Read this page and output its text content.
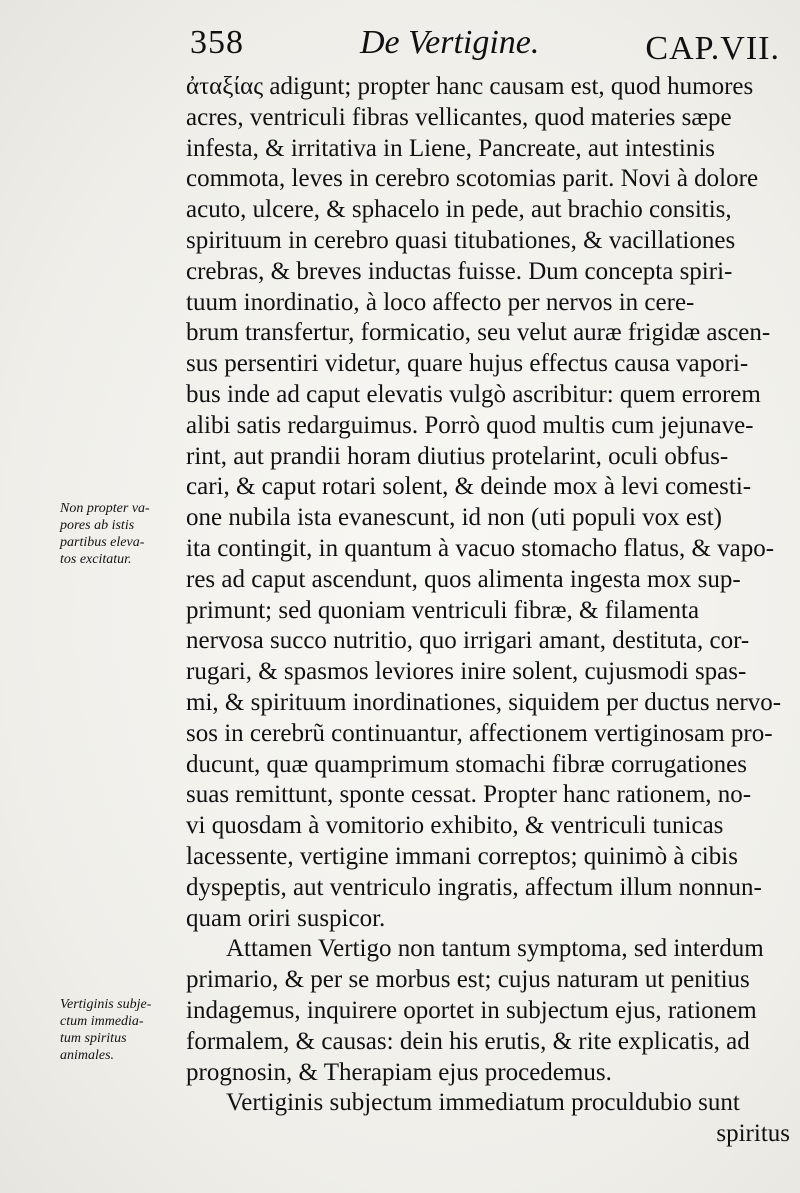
358	De Vertigine.	CAP.VII.
ἀταξίας adigunt; propter hanc causam est, quod humores
acres, ventriculi fibras vellicantes, quod materies sæpe
infesta, & irritativa in Liene, Pancreate, aut intestinis
commota, leves in cerebro scotomias parit. Novi à dolore
acuto, ulcere, & sphacelo in pede, aut brachio consitis,
spirituum in cerebro quasi titubationes, & vacillationes
crebras, & breves inductas fuisse. Dum concepta spiri-
tuum inordinatio, à loco affecto per nervos in cere-
brum transfertur, formicatio, seu velut auræ frigidæ ascen-
sus persentiri videtur, quare hujus effectus causa vapori-
bus inde ad caput elevatis vulgò ascribitur: quem errorem
alibi satis redarguimus. Porrò quod multis cum jejunave-
rint, aut prandii horam diutius protelarint, oculi obfus-
cari, & caput rotari solent, & deinde mox à levi comesti-
one nubila ista evanescunt, id non (uti populi vox est)
ita contingit, in quantum à vacuo stomacho flatus, & vapo-
res ad caput ascendunt, quos alimenta ingesta mox sup-
primunt; sed quoniam ventriculi fibræ, & filamenta
nervosa succo nutritio, quo irrigari amant, destituta, cor-
rugari, & spasmos leviores inire solent, cujusmodi spas-
mi, & spirituum inordinationes, siquidem per ductus nervo-
sos in cerebrũ continuantur, affectionem vertiginosam pro-
ducunt, quæ quamprimum stomachi fibræ corrugationes
suas remittunt, sponte cessat. Propter hanc rationem, no-
vi quosdam à vomitorio exhibito, & ventriculi tunicas
lacessente, vertigine immani correptos; quinimò à cibis
dyspeptis, aut ventriculo ingratis, affectum illum nonnun-
quam oriri suspicor.
Attamen Vertigo non tantum symptoma, sed interdum
primario, & per se morbus est; cujus naturam ut penitius
indagemus, inquirere oportet in subjectum ejus, rationem
formalem, & causas: dein his erutis, & rite explicatis, ad
prognosin, & Therapiam ejus procedemus.
Vertiginis subjectum immediatum proculdubio sunt
spiritus
Non propter va-
pores ab istis
partibus eleva-
tos excitatur.
Vertiginis subje-
ctum immedia-
tum spiritus
animales.
